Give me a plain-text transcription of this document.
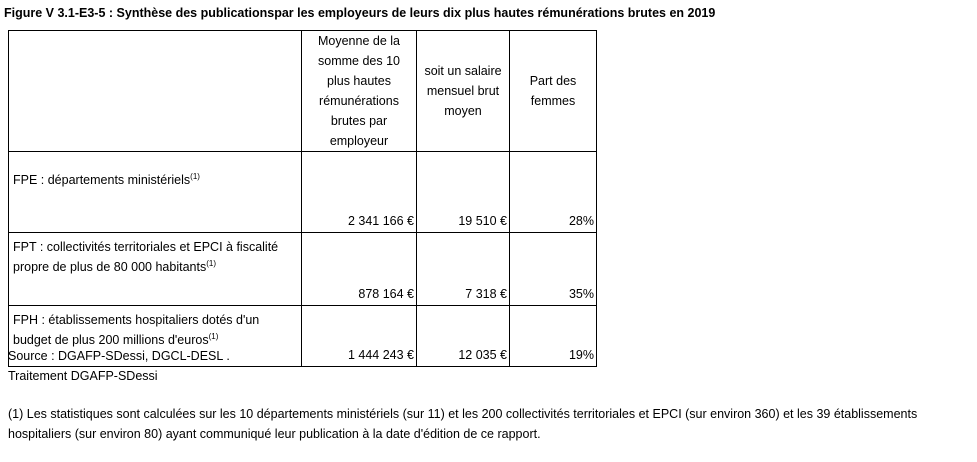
Figure V 3.1-E3-5 : Synthèse des publicationspar les employeurs de leurs dix plus hautes rémunérations brutes en 2019
	Moyenne de la somme des 10 plus hautes rémunérations brutes par employeur	soit un salaire mensuel brut moyen	Part des femmes
FPE : départements ministériels$^{(1)}$	2 341 166 €	19 510 €	28%
FPT : collectivités territoriales et EPCI à fiscalité propre de plus de 80 000 habitants$^{(1)}$	878 164 €	7 318 €	35%
FPH : établissements hospitaliers dotés d'un budget de plus 200 millions d'euros$^{(1)}$	1 444 243 €	12 035 €	19%
Source : DGAFP-SDessi, DGCL-DESL .
Traitement DGAFP-SDessi
(1) Les statistiques sont calculées sur les 10 départements ministériels (sur 11) et les 200 collectivités territoriales et EPCI (sur environ 360) et les 39 établissements hospitaliers (sur environ 80) ayant communiqué leur publication à la date d'édition de ce rapport.
